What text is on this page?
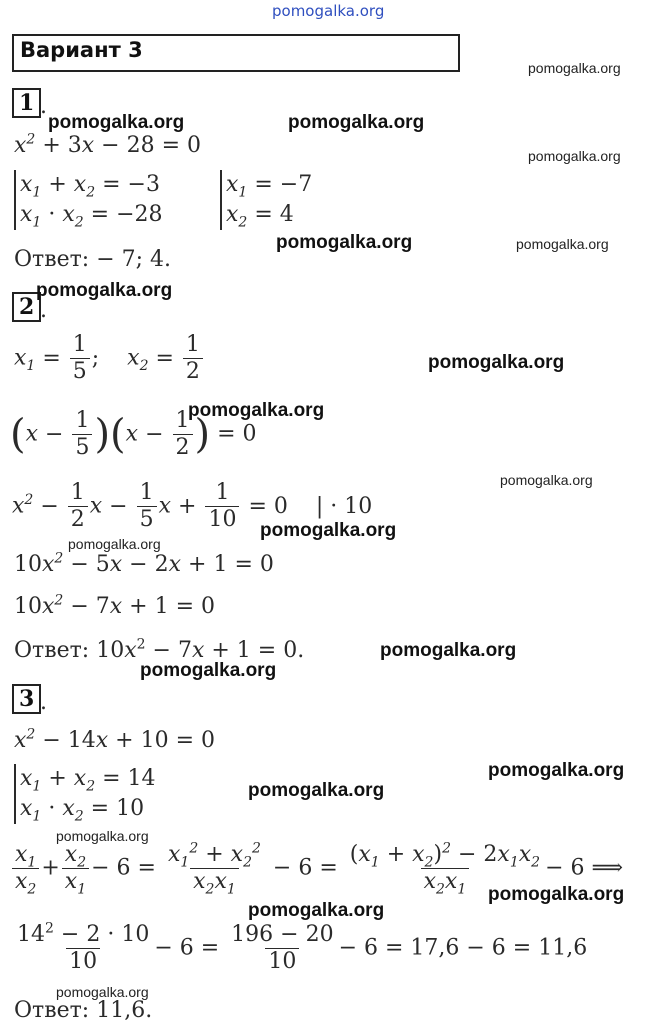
pomogalka.org
Вариант 3
pomogalka.org
1 .
pomogalka.org	pomogalka.org
$x^2 + 3x - 28 = 0$	pomogalka.org
$x_1 + x_2 = -3$
$x_1 \cdot x_2 = -28$
$x_1 = -7$
$x_2 = 4$
Ответ: − 7; 4.
pomogalka.org	pomogalka.org
2 .
pomogalka.org
$x_1 = \frac{1}{5}$ ;    $x_2 = \frac{1}{2}$	pomogalka.org
$(x - \frac{1}{5} )(x - \frac{1}{2}$ ) = 0
pomogalka.org
pomogalka.org
$x^2 - \frac{1}{2}$ $x - \frac{1}{5}$ $x + \frac{1}{10} = 0$    | · 10
pomogalka.org
pomogalka.org
$10x^2 - 5x - 2x + 1 = 0$
$10x^2 - 7x + 1 = 0$
Ответ: $10x^2 - 7x + 1 = 0$.	pomogalka.org
pomogalka.org
3 .
$x^2 - 14x + 10 = 0$
pomogalka.org
$x_1 + x_2 = 14$
$x_1 \cdot x_2 = 10$
pomogalka.org
pomogalka.org
$\frac{x_1}{x_2} + \frac{x_2}{x_1} - 6 = \frac{x_1^2 + x_2^2}{x_2x_1} - 6 = \frac{(x_1 + x_2)^2 - 2x_1x_2}{x_2x_1} - 6$ ⟹
pomogalka.org
pomogalka.org
$\frac{14^2 - 2 \cdot 10}{10} - 6 = \frac{196 - 20}{10} - 6 = 17,6 - 6 = 11,6$
pomogalka.org
Ответ: 11,6.
